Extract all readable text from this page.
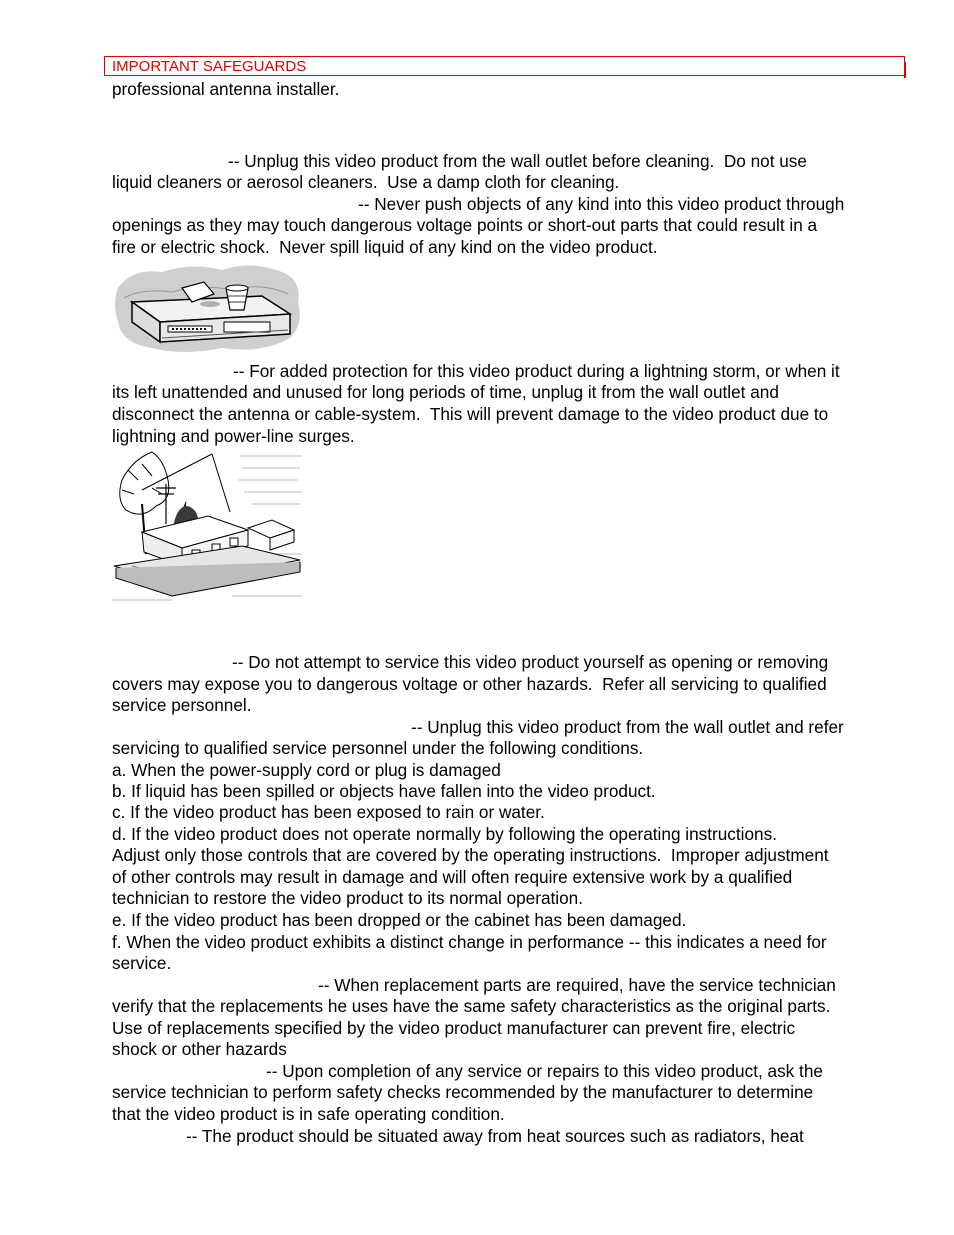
IMPORTANT SAFEGUARDS
professional antenna installer.
-- Unplug this video product from the wall outlet before cleaning.  Do not use
liquid cleaners or aerosol cleaners.  Use a damp cloth for cleaning.
-- Never push objects of any kind into this video product through
openings as they may touch dangerous voltage points or short-out parts that could result in a
fire or electric shock.  Never spill liquid of any kind on the video product.
-- For added protection for this video product during a lightning storm, or when it
its left unattended and unused for long periods of time, unplug it from the wall outlet and
disconnect the antenna or cable-system.  This will prevent damage to the video product due to
lightning and power-line surges.
-- Do not attempt to service this video product yourself as opening or removing
covers may expose you to dangerous voltage or other hazards.  Refer all servicing to qualified
service personnel.
-- Unplug this video product from the wall outlet and refer
servicing to qualified service personnel under the following conditions.
a. When the power-supply cord or plug is damaged
b. If liquid has been spilled or objects have fallen into the video product.
c. If the video product has been exposed to rain or water.
d. If the video product does not operate normally by following the operating instructions.
Adjust only those controls that are covered by the operating instructions.  Improper adjustment
of other controls may result in damage and will often require extensive work by a qualified
technician to restore the video product to its normal operation.
e. If the video product has been dropped or the cabinet has been damaged.
f. When the video product exhibits a distinct change in performance -- this indicates a need for
service.
-- When replacement parts are required, have the service technician
verify that the replacements he uses have the same safety characteristics as the original parts.
Use of replacements specified by the video product manufacturer can prevent fire, electric
shock or other hazards
-- Upon completion of any service or repairs to this video product, ask the
service technician to perform safety checks recommended by the manufacturer to determine
that the video product is in safe operating condition.
-- The product should be situated away from heat sources such as radiators, heat
